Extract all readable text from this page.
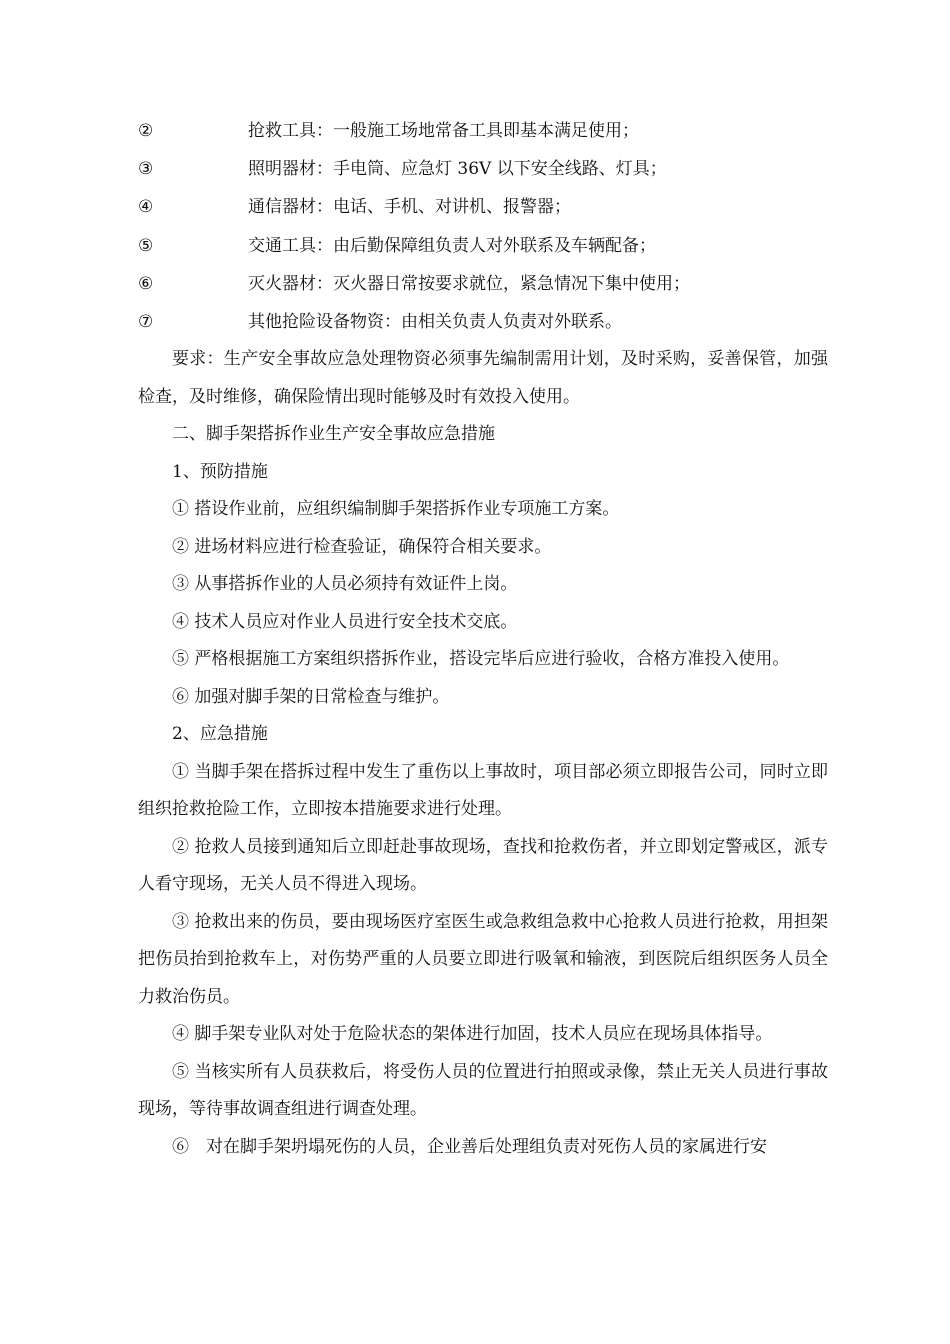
②	抢救工具：一般施工场地常备工具即基本满足使用；
③	照明器材：手电筒、应急灯 36V 以下安全线路、灯具；
④	通信器材：电话、手机、对讲机、报警器；
⑤	交通工具：由后勤保障组负责人对外联系及车辆配备；
⑥	灭火器材：灭火器日常按要求就位，紧急情况下集中使用；
⑦	其他抢险设备物资：由相关负责人负责对外联系。

要求：生产安全事故应急处理物资必须事先编制需用计划，及时采购，妥善保管，加强检查，及时维修，确保险情出现时能够及时有效投入使用。

二、脚手架搭拆作业生产安全事故应急措施

1、预防措施

① 搭设作业前，应组织编制脚手架搭拆作业专项施工方案。

② 进场材料应进行检查验证，确保符合相关要求。

③ 从事搭拆作业的人员必须持有效证件上岗。

④ 技术人员应对作业人员进行安全技术交底。

⑤ 严格根据施工方案组织搭拆作业，搭设完毕后应进行验收，合格方准投入使用。

⑥ 加强对脚手架的日常检查与维护。

2、应急措施

① 当脚手架在搭拆过程中发生了重伤以上事故时，项目部必须立即报告公司，同时立即组织抢救抢险工作，立即按本措施要求进行处理。

② 抢救人员接到通知后立即赶赴事故现场，查找和抢救伤者，并立即划定警戒区，派专人看守现场，无关人员不得进入现场。

③ 抢救出来的伤员，要由现场医疗室医生或急救组急救中心抢救人员进行抢救，用担架把伤员抬到抢救车上，对伤势严重的人员要立即进行吸氧和输液，到医院后组织医务人员全力救治伤员。

④ 脚手架专业队对处于危险状态的架体进行加固，技术人员应在现场具体指导。

⑤ 当核实所有人员获救后，将受伤人员的位置进行拍照或录像，禁止无关人员进行事故现场，等待事故调查组进行调查处理。

⑥　对在脚手架坍塌死伤的人员，企业善后处理组负责对死伤人员的家属进行安
